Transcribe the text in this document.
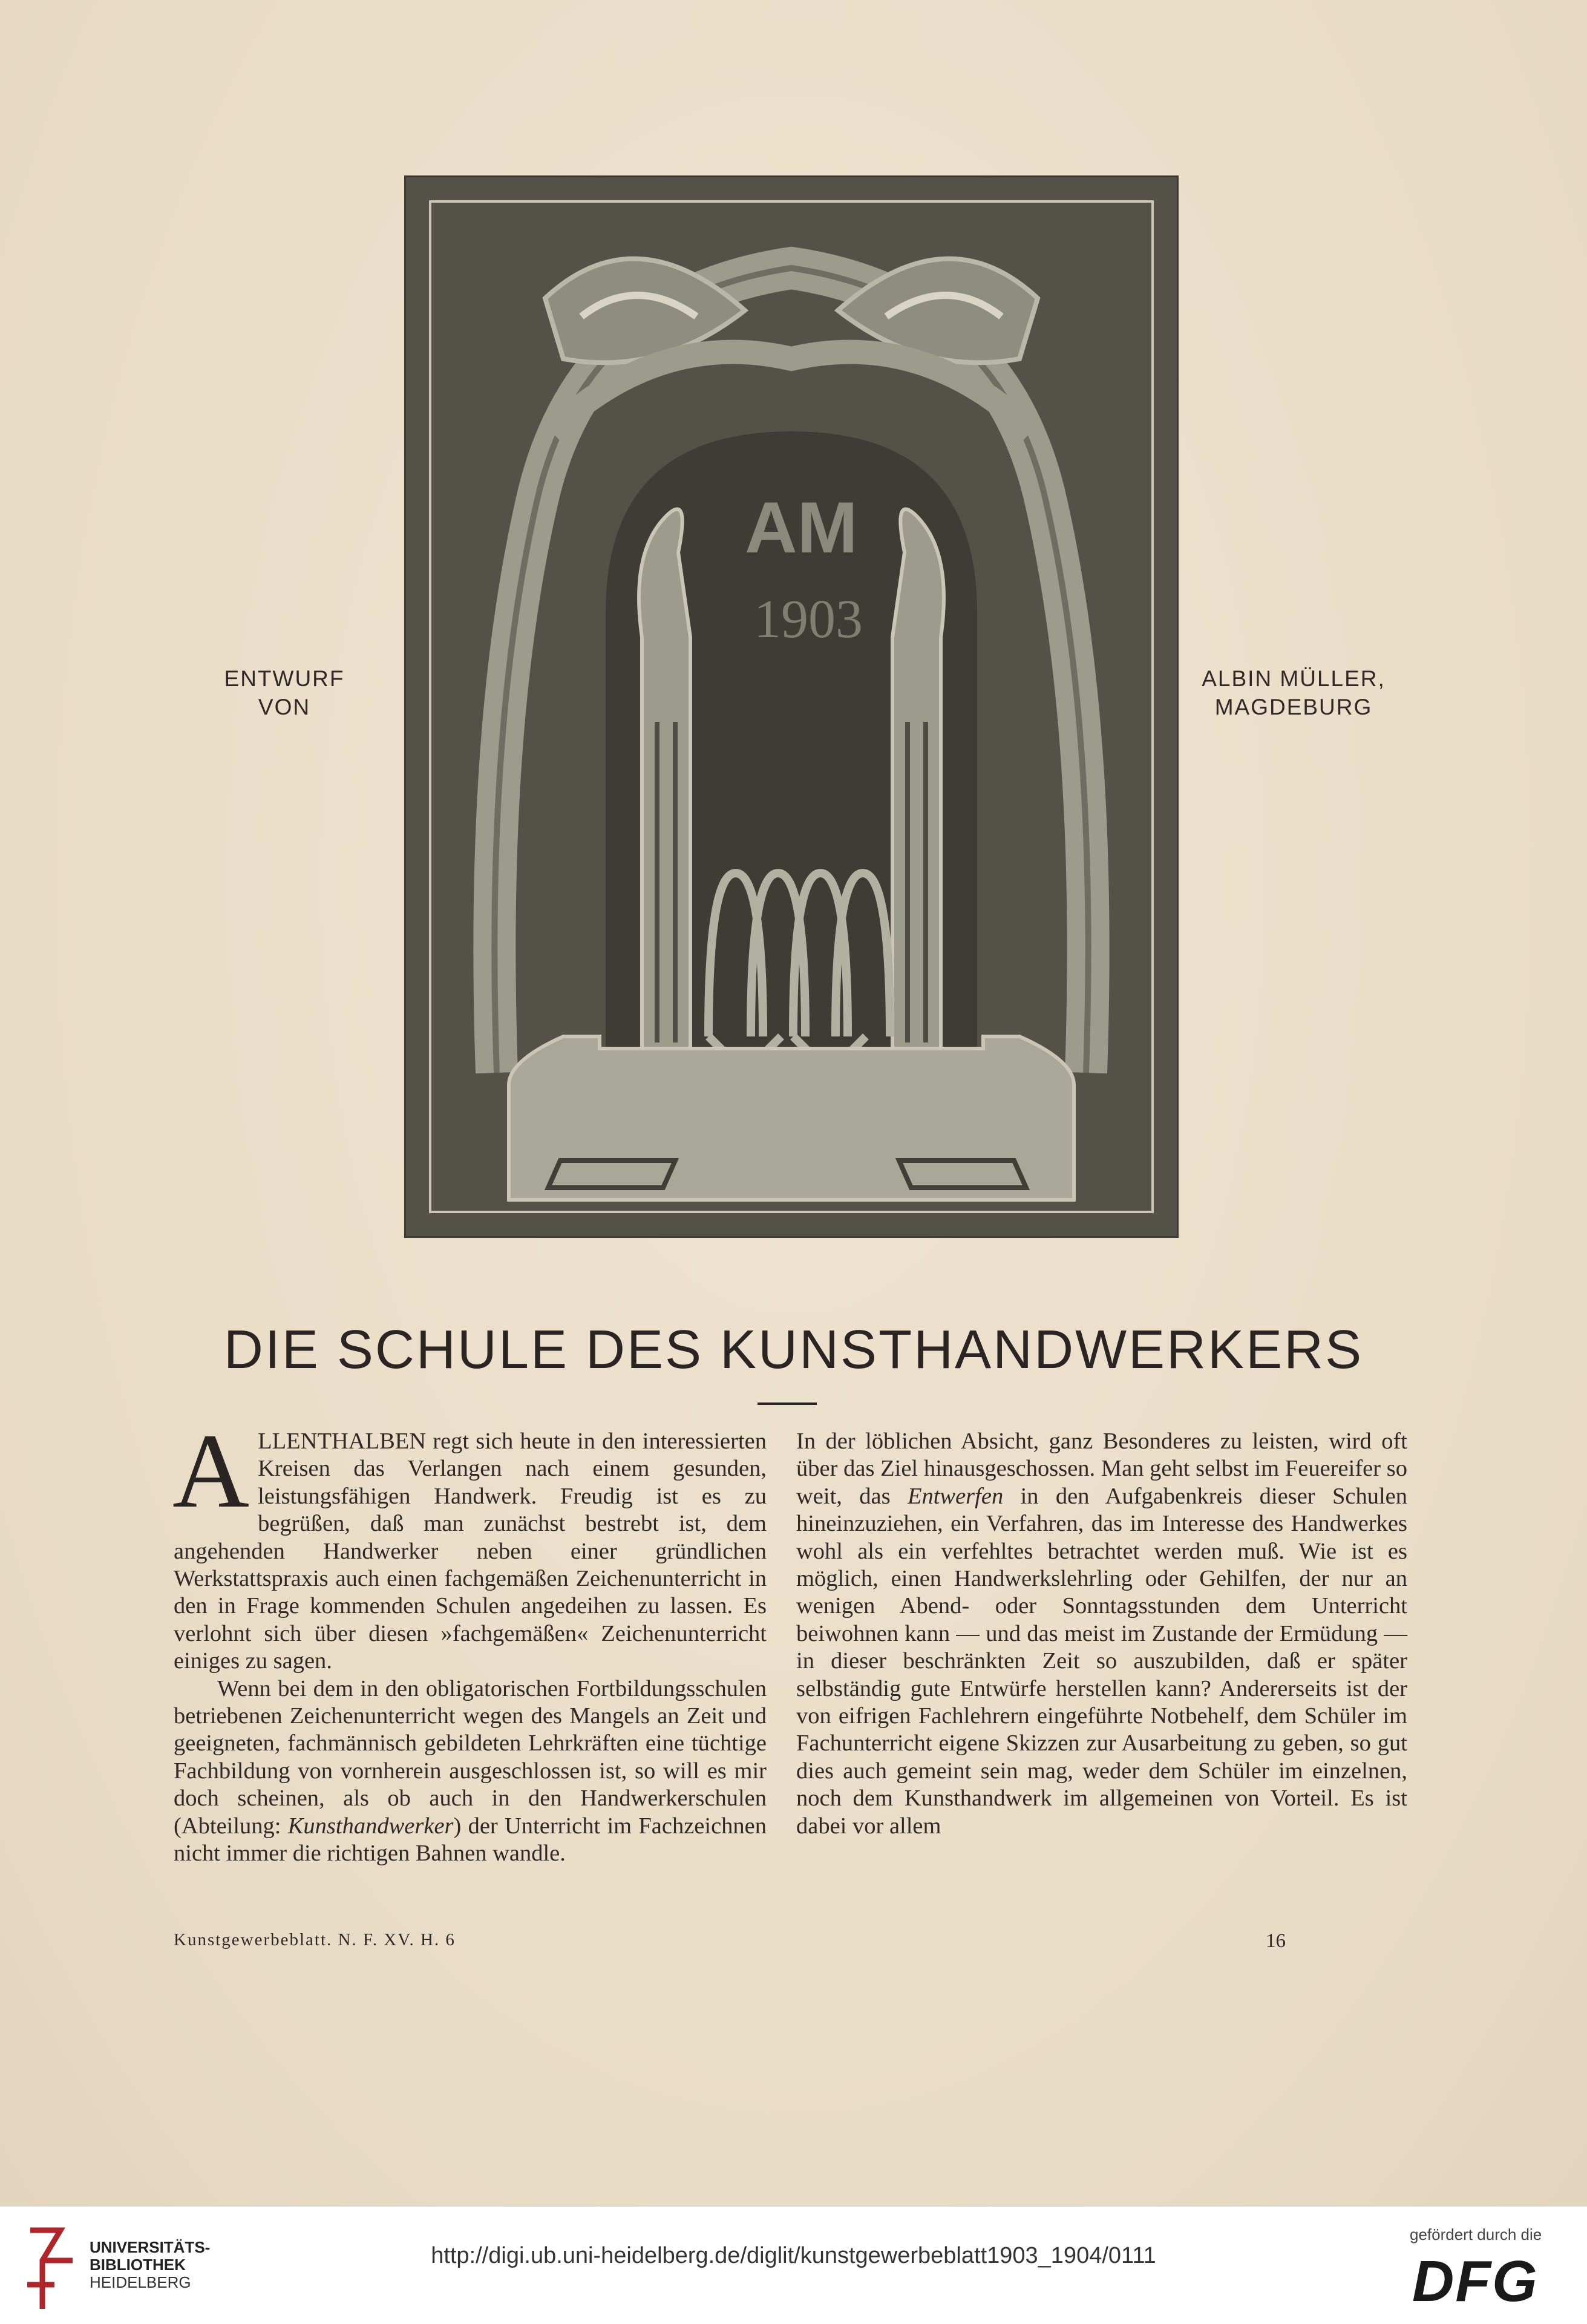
AM
1903
ENTWURF
VON
ALBIN MÜLLER,
MAGDEBURG
DIE SCHULE DES KUNSTHANDWERKERS

ALLENTHALBEN regt sich heute in den interessierten Kreisen das Verlangen nach einem gesunden, leistungsfähigen Handwerk. Freudig ist es zu begrüßen, daß man zunächst bestrebt ist, dem angehenden Handwerker neben einer gründlichen Werkstattspraxis auch einen fachgemäßen Zeichenunterricht in den in Frage kommenden Schulen angedeihen zu lassen. Es verlohnt sich über diesen »fachgemäßen« Zeichenunterricht einiges zu sagen.

Wenn bei dem in den obligatorischen Fortbildungsschulen betriebenen Zeichenunterricht wegen des Mangels an Zeit und geeigneten, fachmännisch gebildeten Lehrkräften eine tüchtige Fachbildung von vornherein ausgeschlossen ist, so will es mir doch scheinen, als ob auch in den Handwerkerschulen (Abteilung: Kunsthandwerker) der Unterricht im Fachzeichnen nicht immer die richtigen Bahnen wandle.

In der löblichen Absicht, ganz Besonderes zu leisten, wird oft über das Ziel hinausgeschossen. Man geht selbst im Feuereifer so weit, das Entwerfen in den Aufgabenkreis dieser Schulen hineinzuziehen, ein Verfahren, das im Interesse des Handwerkes wohl als ein verfehltes betrachtet werden muß. Wie ist es möglich, einen Handwerkslehrling oder Gehilfen, der nur an wenigen Abend- oder Sonntagsstunden dem Unterricht beiwohnen kann — und das meist im Zustande der Ermüdung — in dieser beschränkten Zeit so auszubilden, daß er später selbständig gute Entwürfe herstellen kann? Andererseits ist der von eifrigen Fachlehrern eingeführte Notbehelf, dem Schüler im Fachunterricht eigene Skizzen zur Ausarbeitung zu geben, so gut dies auch gemeint sein mag, weder dem Schüler im einzelnen, noch dem Kunsthandwerk im allgemeinen von Vorteil. Es ist dabei vor allem

Kunstgewerbeblatt. N. F. XV. H. 6	16
UNIVERSITÄTS-
BIBLIOTHEK
HEIDELBERG
http://digi.ub.uni-heidelberg.de/diglit/kunstgewerbeblatt1903_1904/0111
gefördert durch die
DFG
